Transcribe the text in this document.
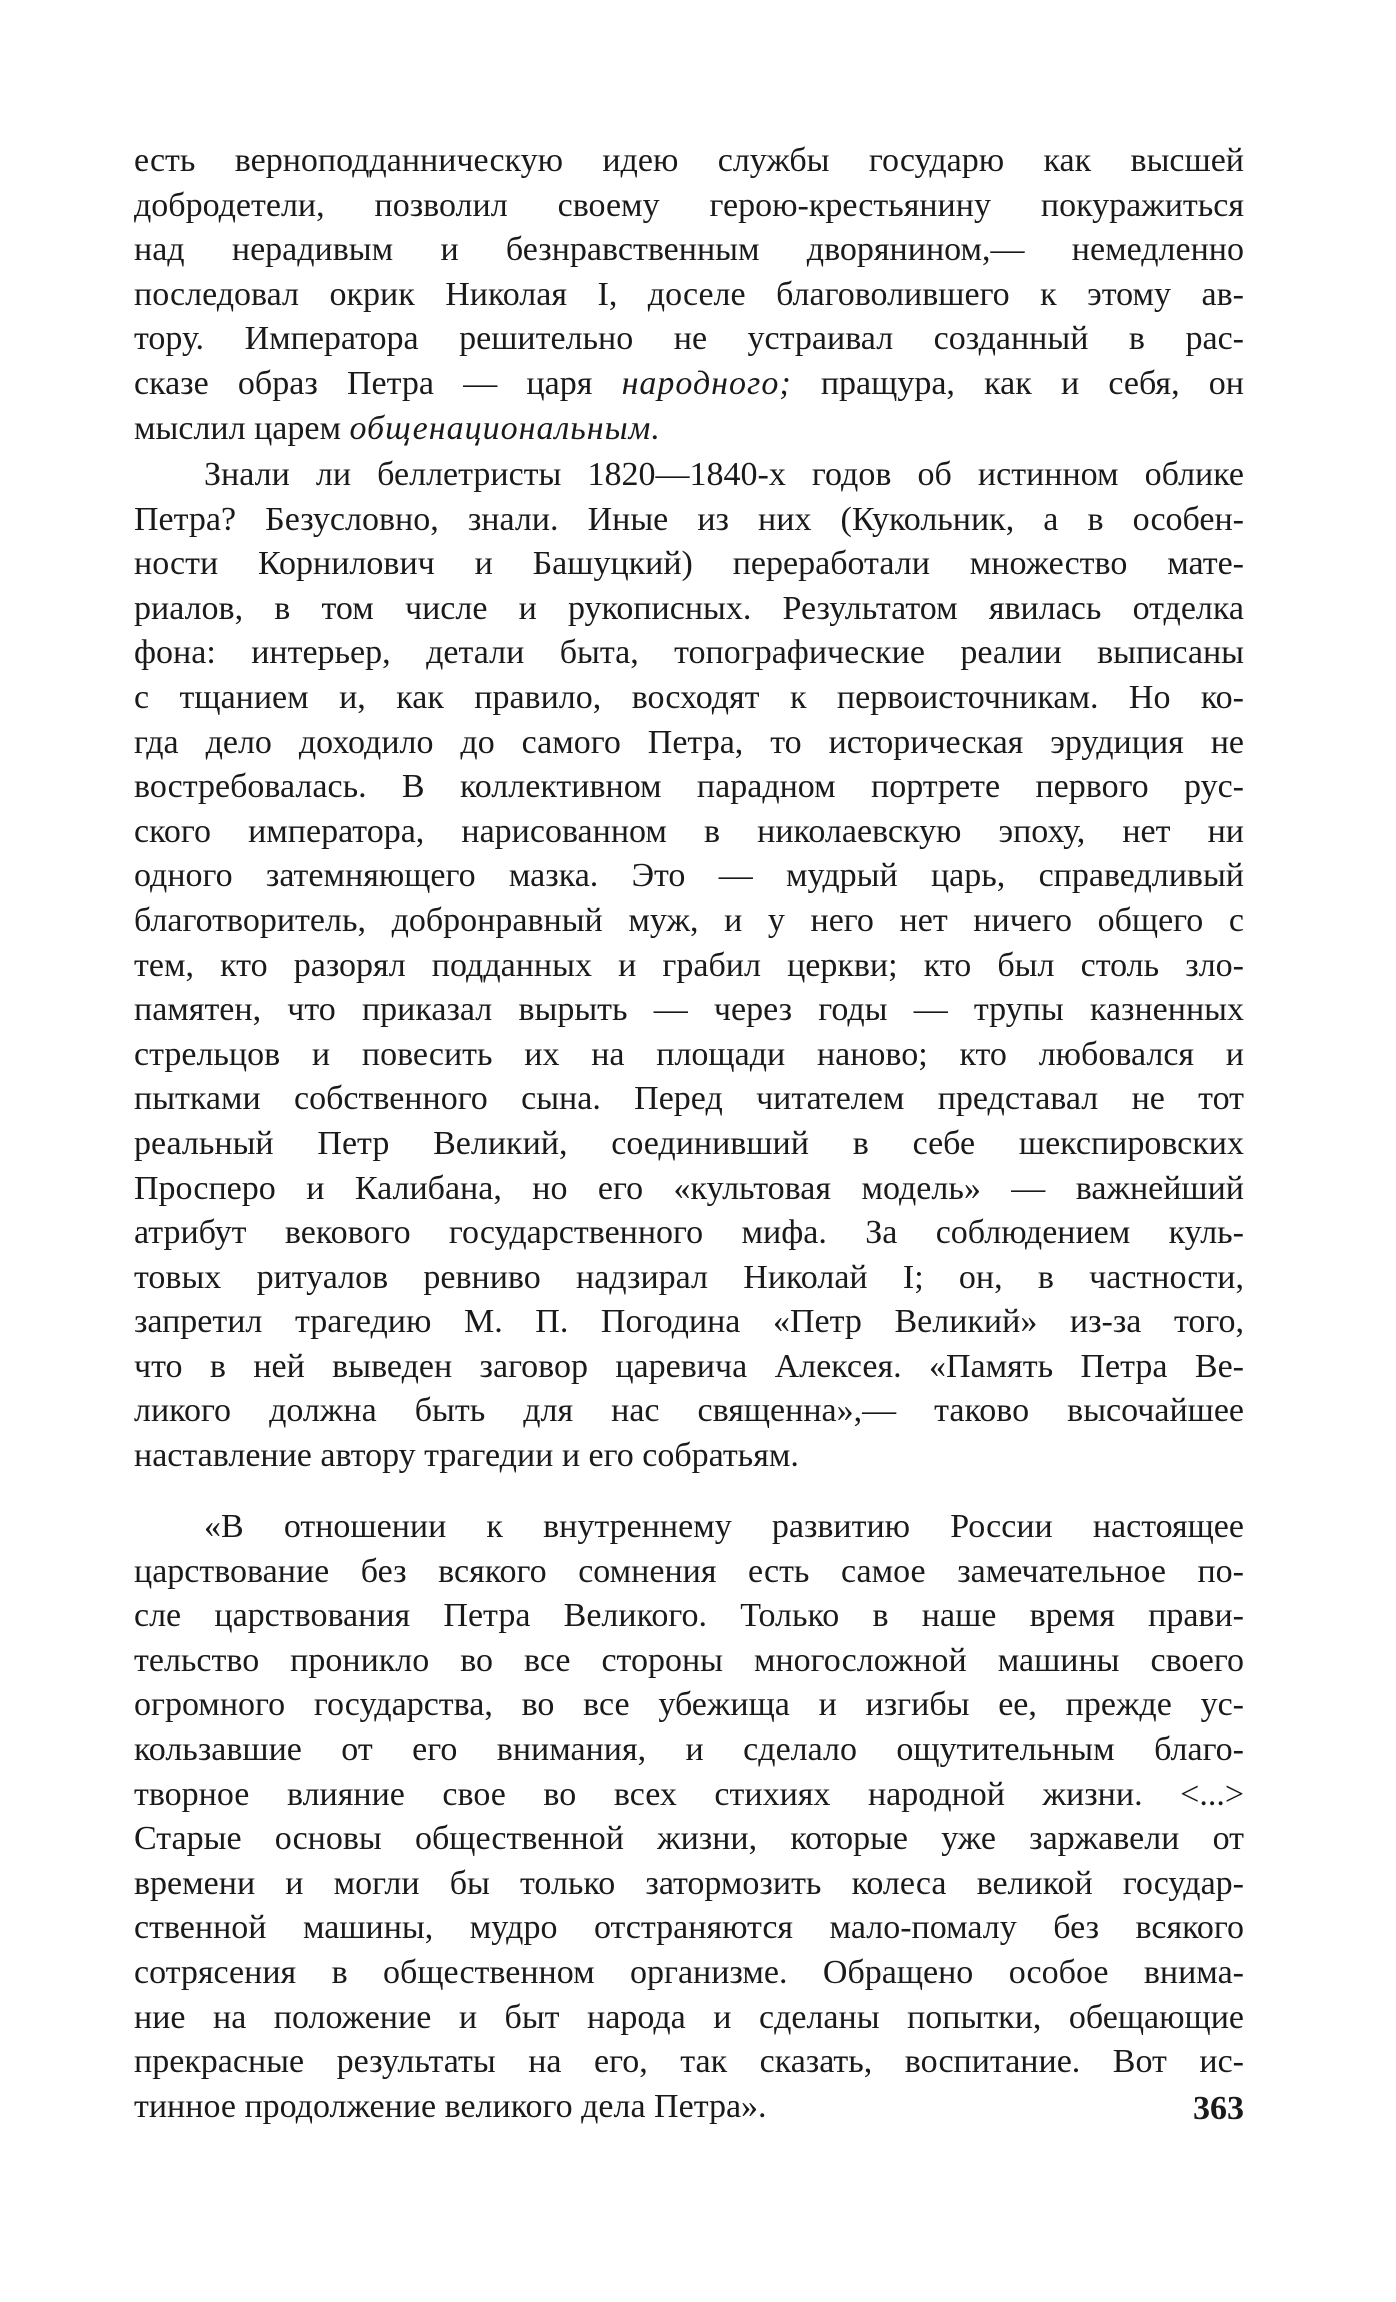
есть верноподданническую идею службы государю как высшей
добродетели, позволил своему герою-крестьянину покуражиться
над нерадивым и безнравственным дворянином,— немедленно
последовал окрик Николая I, доселе благоволившего к этому ав-
тору. Императора решительно не устраивал созданный в рас-
сказе образ Петра — царя народного; пращура, как и себя, он
мыслил царем общенациональным.
Знали ли беллетристы 1820—1840-х годов об истинном облике
Петра? Безусловно, знали. Иные из них (Кукольник, а в особен-
ности Корнилович и Башуцкий) переработали множество мате-
риалов, в том числе и рукописных. Результатом явилась отделка
фона: интерьер, детали быта, топографические реалии выписаны
с тщанием и, как правило, восходят к первоисточникам. Но ко-
гда дело доходило до самого Петра, то историческая эрудиция не
востребовалась. В коллективном парадном портрете первого рус-
ского императора, нарисованном в николаевскую эпоху, нет ни
одного затемняющего мазка. Это — мудрый царь, справедливый
благотворитель, добронравный муж, и у него нет ничего общего с
тем, кто разорял подданных и грабил церкви; кто был столь зло-
памятен, что приказал вырыть — через годы — трупы казненных
стрельцов и повесить их на площади наново; кто любовался и
пытками собственного сына. Перед читателем представал не тот
реальный Петр Великий, соединивший в себе шекспировских
Просперо и Калибана, но его «культовая модель» — важнейший
атрибут векового государственного мифа. За соблюдением куль-
товых ритуалов ревниво надзирал Николай I; он, в частности,
запретил трагедию М. П. Погодина «Петр Великий» из-за того,
что в ней выведен заговор царевича Алексея. «Память Петра Ве-
ликого должна быть для нас священна»,— таково высочайшее
наставление автору трагедии и его собратьям.
«В отношении к внутреннему развитию России настоящее
царствование без всякого сомнения есть самое замечательное по-
сле царствования Петра Великого. Только в наше время прави-
тельство проникло во все стороны многосложной машины своего
огромного государства, во все убежища и изгибы ее, прежде ус-
кользавшие от его внимания, и сделало ощутительным благо-
творное влияние свое во всех стихиях народной жизни. <...>
Старые основы общественной жизни, которые уже заржавели от
времени и могли бы только затормозить колеса великой государ-
ственной машины, мудро отстраняются мало-помалу без всякого
сотрясения в общественном организме. Обращено особое внима-
ние на положение и быт народа и сделаны попытки, обещающие
прекрасные результаты на его, так сказать, воспитание. Вот ис-
тинное продолжение великого дела Петра».	363
